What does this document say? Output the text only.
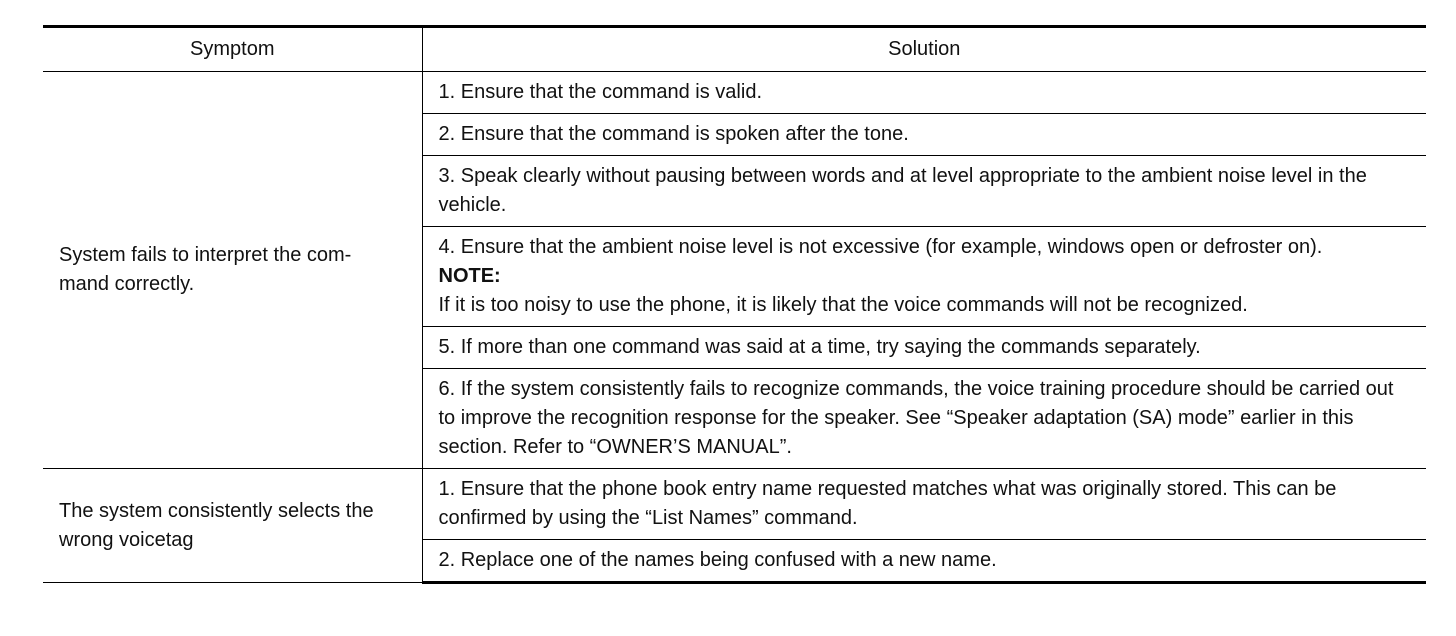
Symptom	Solution

System fails to interpret the com-
mand correctly.	1. Ensure that the command is valid.
	2. Ensure that the command is spoken after the tone.
	3. Speak clearly without pausing between words and at level appropriate to the ambient noise level in the vehicle.

	4. Ensure that the ambient noise level is not excessive (for example, windows open or defroster on).
NOTE:
If it is too noisy to use the phone, it is likely that the voice commands will not be recognized.

	5. If more than one command was said at a time, try saying the commands separately.
	6. If the system consistently fails to recognize commands, the voice training procedure should be carried out to improve the recognition response for the speaker. See “Speaker adaptation (SA) mode” earlier in this section. Refer to “OWNER’S MANUAL”.
The system consistently selects the wrong voicetag	1. Ensure that the phone book entry name requested matches what was originally stored. This can be confirmed by using the “List Names” command.
	2. Replace one of the names being confused with a new name.
